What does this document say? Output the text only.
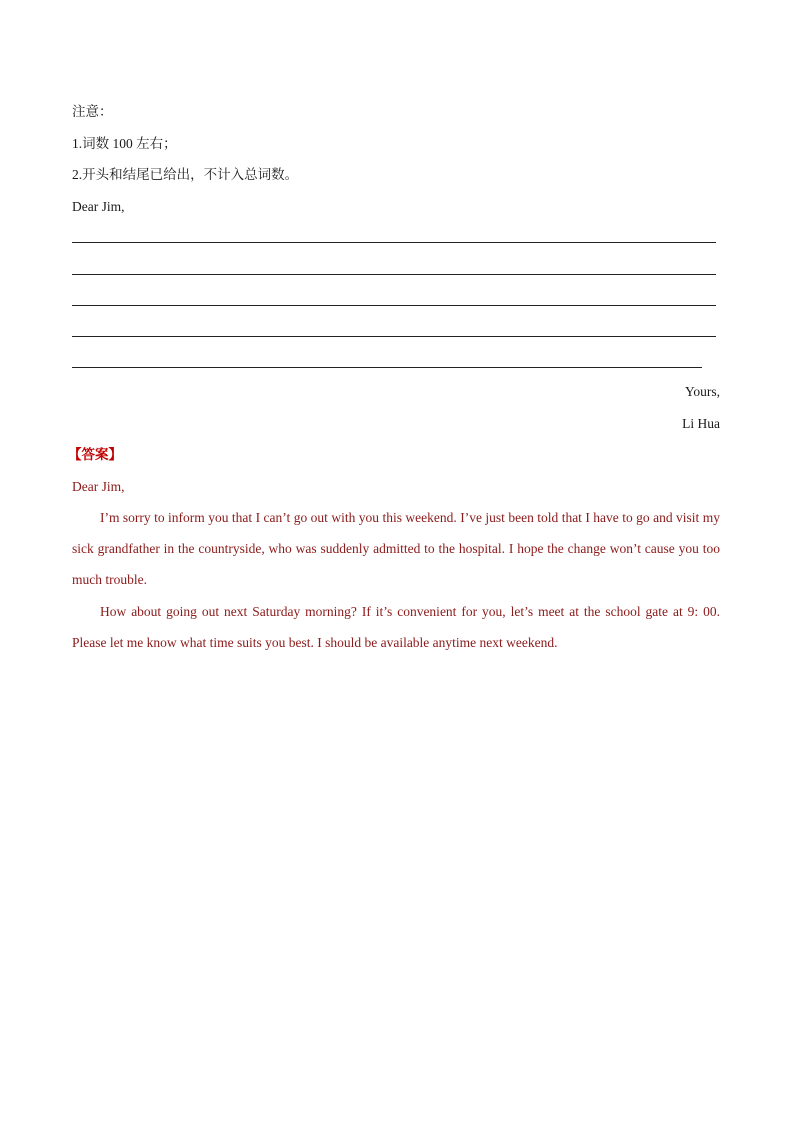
注意：
1.词数 100 左右；
2.开头和结尾已给出，不计入总词数。
Dear Jim,
Yours,
Li Hua
【答案】
Dear Jim,
I’m sorry to inform you that I can’t go out with you this weekend. I’ve just been told that I have to go and visit my sick grandfather in the countryside, who was suddenly admitted to the hospital. I hope the change won’t cause you too much trouble.
How about going out next Saturday morning? If it’s convenient for you, let’s meet at the school gate at 9: 00. Please let me know what time suits you best. I should be available anytime next weekend.
